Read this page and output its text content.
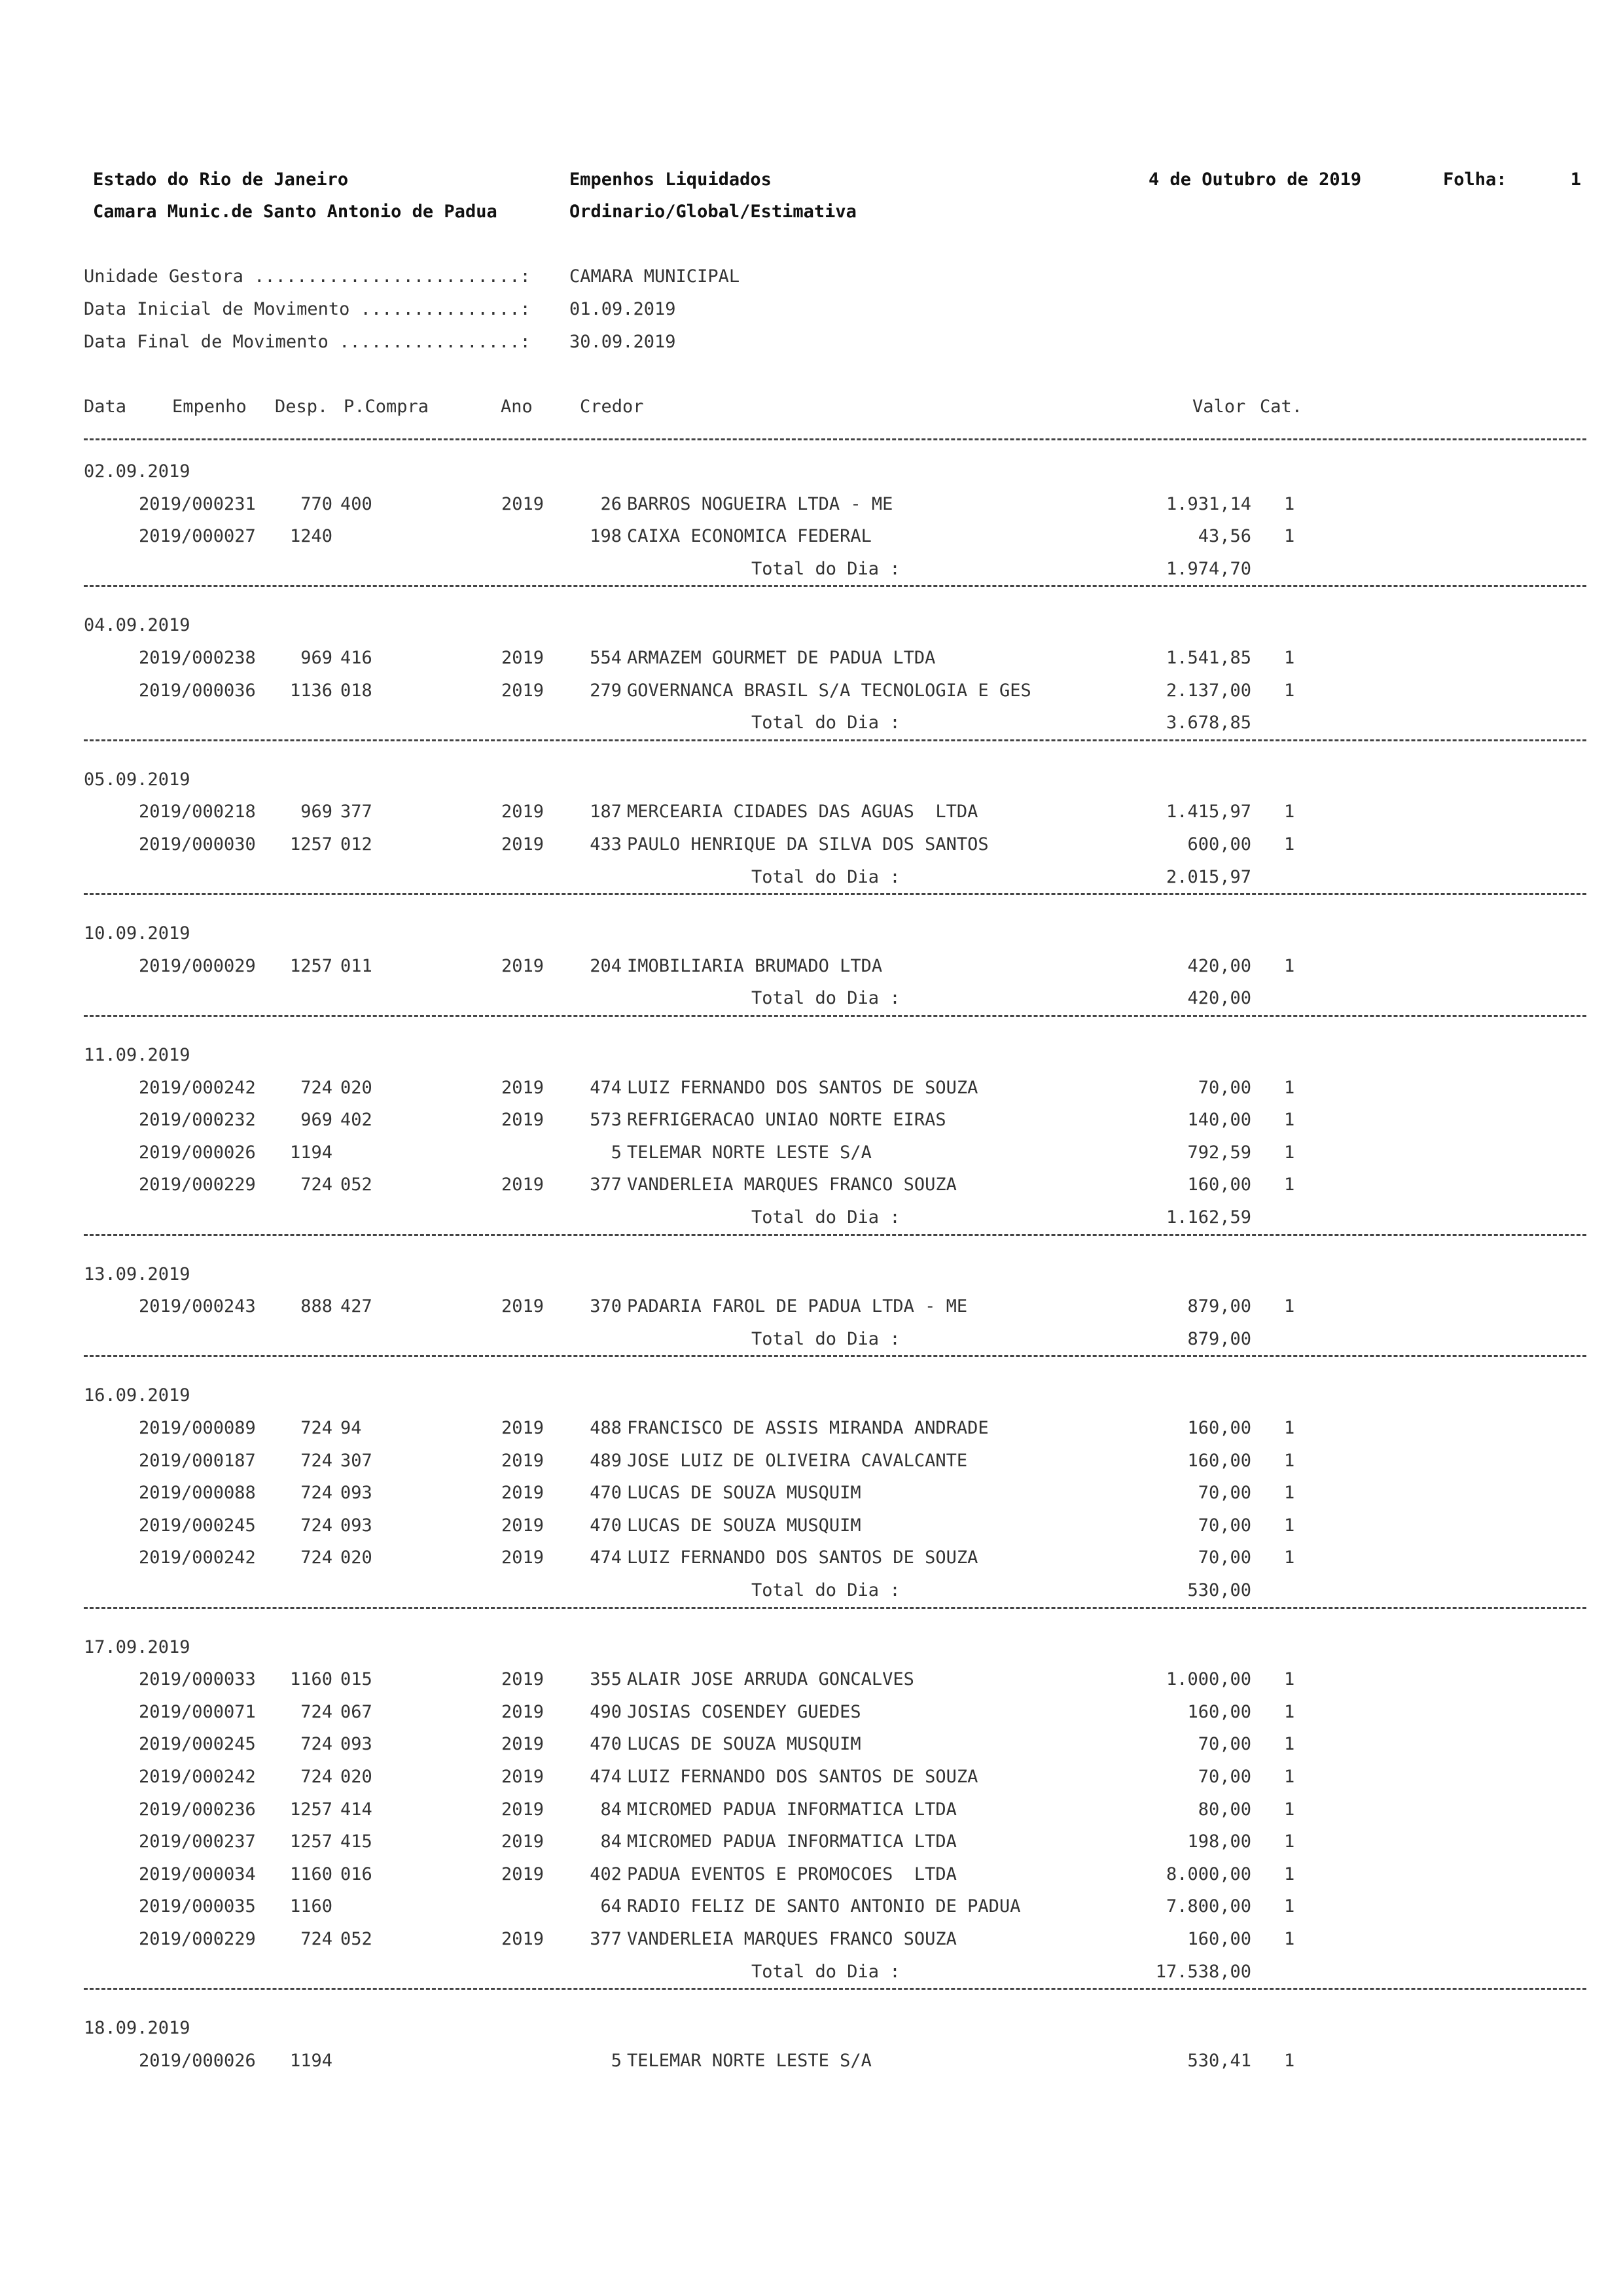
Estado do Rio de Janeiro	Empenhos Liquidados	4 de Outubro de 2019	Folha:	1
Camara Munic.de Santo Antonio de Padua	Ordinario/Global/Estimativa
Unidade Gestora .........................: CAMARA MUNICIPAL
Data Inicial de Movimento ...............: 01.09.2019
Data Final de Movimento .................: 30.09.2019
Data	Empenho Desp. P.Compra	Ano	Credor	Valor Cat.
02.09.2019
2019/000231	770 400	2019	26 BARROS NOGUEIRA LTDA - ME	1.931,14 1
2019/000027	1240	198 CAIXA ECONOMICA FEDERAL	43,56 1
Total do Dia :	1.974,70
04.09.2019
2019/000238	969 416	2019	554 ARMAZEM GOURMET DE PADUA LTDA	1.541,85 1
2019/000036	1136 018	2019	279 GOVERNANCA BRASIL S/A TECNOLOGIA E GES	2.137,00 1
Total do Dia :	3.678,85
05.09.2019
2019/000218	969 377	2019	187 MERCEARIA CIDADES DAS AGUAS  LTDA	1.415,97 1
2019/000030	1257 012	2019	433 PAULO HENRIQUE DA SILVA DOS SANTOS	600,00 1
Total do Dia :	2.015,97
10.09.2019
2019/000029	1257 011	2019	204 IMOBILIARIA BRUMADO LTDA	420,00 1
Total do Dia :	420,00
11.09.2019
2019/000242	724 020	2019	474 LUIZ FERNANDO DOS SANTOS DE SOUZA	70,00 1
2019/000232	969 402	2019	573 REFRIGERACAO UNIAO NORTE EIRAS	140,00 1
2019/000026	1194	5 TELEMAR NORTE LESTE S/A	792,59 1
2019/000229	724 052	2019	377 VANDERLEIA MARQUES FRANCO SOUZA	160,00 1
Total do Dia :	1.162,59
13.09.2019
2019/000243	888 427	2019	370 PADARIA FAROL DE PADUA LTDA - ME	879,00 1
Total do Dia :	879,00
16.09.2019
2019/000089	724 94	2019	488 FRANCISCO DE ASSIS MIRANDA ANDRADE	160,00 1
2019/000187	724 307	2019	489 JOSE LUIZ DE OLIVEIRA CAVALCANTE	160,00 1
2019/000088	724 093	2019	470 LUCAS DE SOUZA MUSQUIM	70,00 1
2019/000245	724 093	2019	470 LUCAS DE SOUZA MUSQUIM	70,00 1
2019/000242	724 020	2019	474 LUIZ FERNANDO DOS SANTOS DE SOUZA	70,00 1
Total do Dia :	530,00
17.09.2019
2019/000033	1160 015	2019	355 ALAIR JOSE ARRUDA GONCALVES	1.000,00 1
2019/000071	724 067	2019	490 JOSIAS COSENDEY GUEDES	160,00 1
2019/000245	724 093	2019	470 LUCAS DE SOUZA MUSQUIM	70,00 1
2019/000242	724 020	2019	474 LUIZ FERNANDO DOS SANTOS DE SOUZA	70,00 1
2019/000236	1257 414	2019	84 MICROMED PADUA INFORMATICA LTDA	80,00 1
2019/000237	1257 415	2019	84 MICROMED PADUA INFORMATICA LTDA	198,00 1
2019/000034	1160 016	2019	402 PADUA EVENTOS E PROMOCOES  LTDA	8.000,00 1
2019/000035	1160	64 RADIO FELIZ DE SANTO ANTONIO DE PADUA	7.800,00 1
2019/000229	724 052	2019	377 VANDERLEIA MARQUES FRANCO SOUZA	160,00 1
Total do Dia :	17.538,00
18.09.2019
2019/000026	1194	5 TELEMAR NORTE LESTE S/A	530,41 1
